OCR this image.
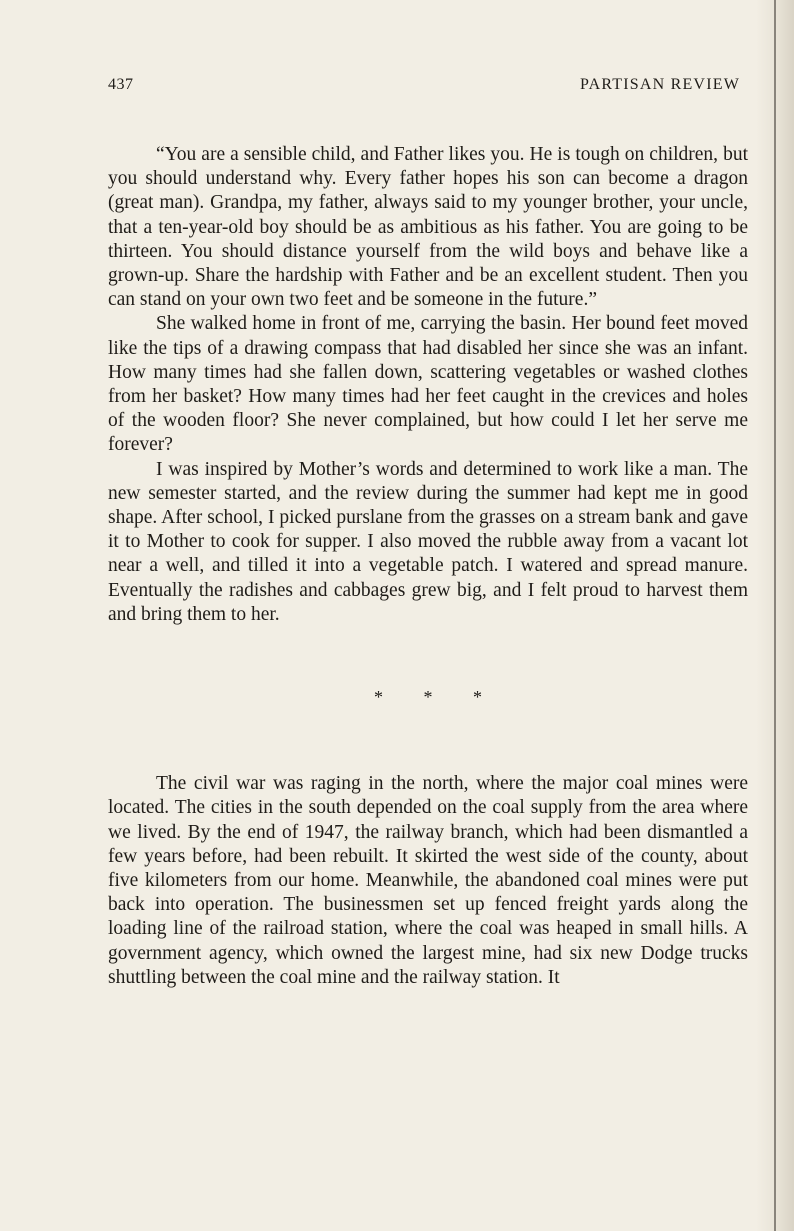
437	PARTISAN REVIEW

“You are a sensible child, and Father likes you. He is tough on children, but you should understand why. Every father hopes his son can become a dragon (great man). Grandpa, my father, always said to my younger brother, your uncle, that a ten-year-old boy should be as ambitious as his father. You are going to be thirteen. You should distance yourself from the wild boys and behave like a grown-up. Share the hardship with Father and be an excellent student. Then you can stand on your own two feet and be someone in the future.”

She walked home in front of me, carrying the basin. Her bound feet moved like the tips of a drawing compass that had disabled her since she was an infant. How many times had she fallen down, scattering vegetables or washed clothes from her basket? How many times had her feet caught in the crevices and holes of the wooden floor? She never complained, but how could I let her serve me forever?

I was inspired by Mother’s words and determined to work like a man. The new semester started, and the review during the summer had kept me in good shape. After school, I picked purslane from the grasses on a stream bank and gave it to Mother to cook for supper. I also moved the rubble away from a vacant lot near a well, and tilled it into a vegetable patch. I watered and spread manure. Eventually the radishes and cabbages grew big, and I felt proud to harvest them and bring them to her.

* * *

The civil war was raging in the north, where the major coal mines were located. The cities in the south depended on the coal supply from the area where we lived. By the end of 1947, the railway branch, which had been dismantled a few years before, had been rebuilt. It skirted the west side of the county, about five kilometers from our home. Meanwhile, the abandoned coal mines were put back into operation. The businessmen set up fenced freight yards along the loading line of the railroad station, where the coal was heaped in small hills. A government agency, which owned the largest mine, had six new Dodge trucks shuttling between the coal mine and the railway station. It
